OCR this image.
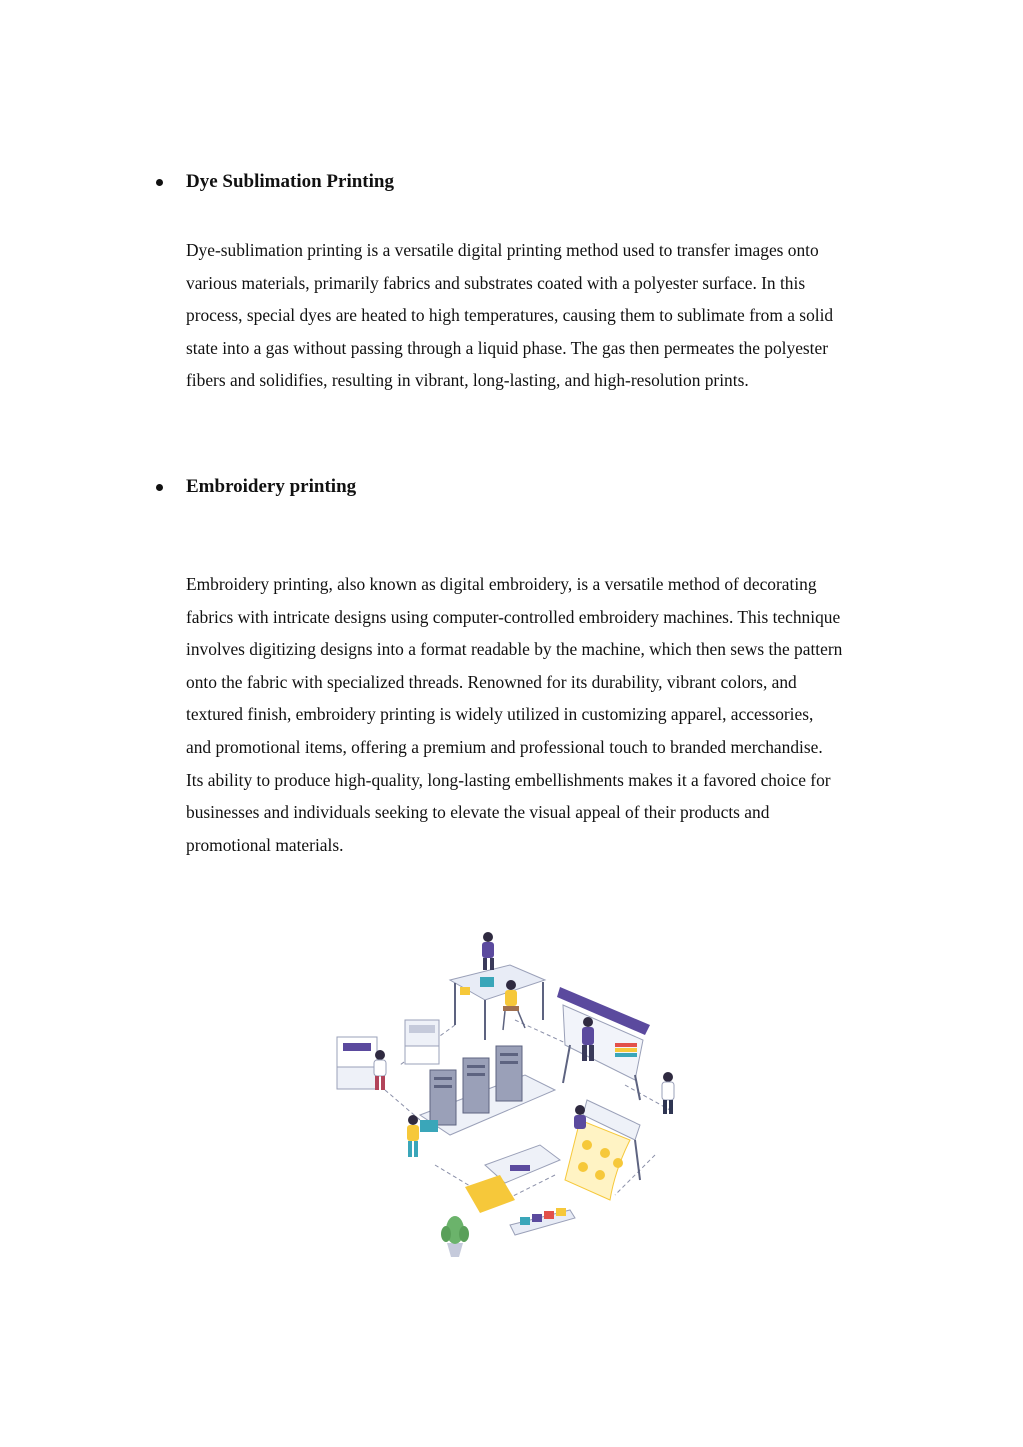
Dye Sublimation Printing

Dye-sublimation printing is a versatile digital printing method used to transfer images onto
various materials, primarily fabrics and substrates coated with a polyester surface. In this
process, special dyes are heated to high temperatures, causing them to sublimate from a solid
state into a gas without passing through a liquid phase. The gas then permeates the polyester
fibers and solidifies, resulting in vibrant, long-lasting, and high-resolution prints.

Embroidery printing

Embroidery printing, also known as digital embroidery, is a versatile method of decorating
fabrics with intricate designs using computer-controlled embroidery machines. This technique
involves digitizing designs into a format readable by the machine, which then sews the pattern
onto the fabric with specialized threads. Renowned for its durability, vibrant colors, and
textured finish, embroidery printing is widely utilized in customizing apparel, accessories,
and promotional items, offering a premium and professional touch to branded merchandise.
Its ability to produce high-quality, long-lasting embellishments makes it a favored choice for
businesses and individuals seeking to elevate the visual appeal of their products and
promotional materials.
